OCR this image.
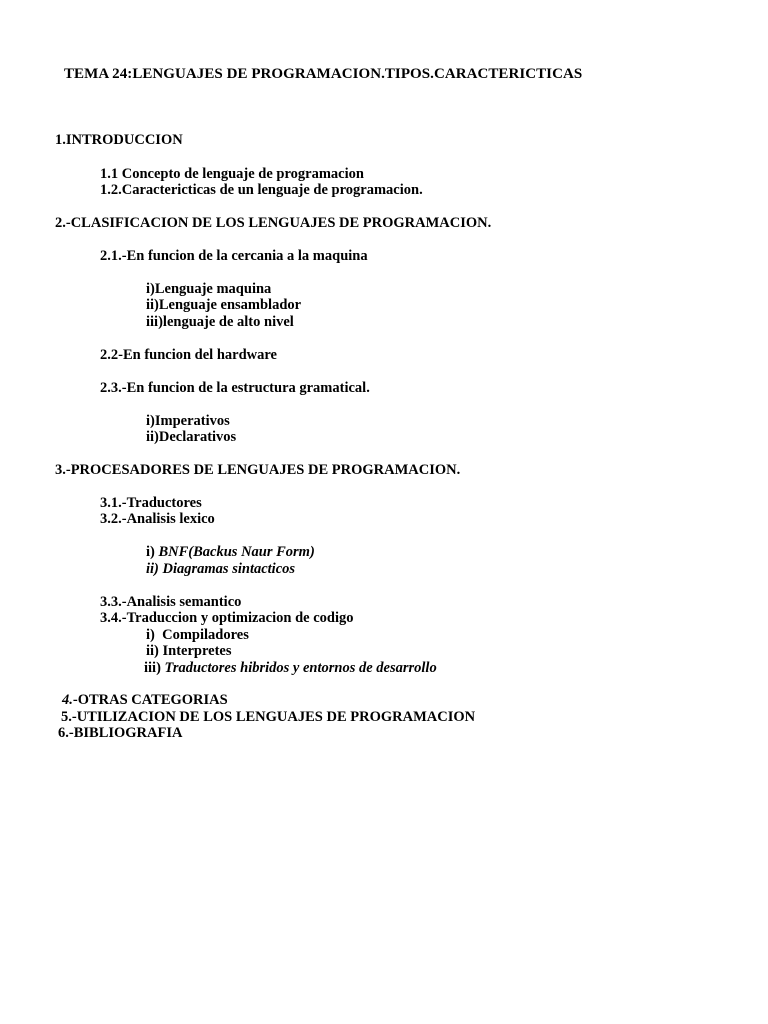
TEMA 24:LENGUAJES DE PROGRAMACION.TIPOS.CARACTERICTICAS
1.INTRODUCCION
1.1 Concepto de lenguaje de programacion
1.2.Caractericticas de un lenguaje de programacion.
2.-CLASIFICACION DE LOS LENGUAJES DE PROGRAMACION.
2.1.-En funcion de la cercania a la maquina
i)Lenguaje maquina
ii)Lenguaje ensamblador
iii)lenguaje de alto nivel
2.2-En funcion del hardware
2.3.-En funcion de la estructura gramatical.
i)Imperativos
ii)Declarativos
3.-PROCESADORES DE LENGUAJES DE PROGRAMACION.
3.1.-Traductores
3.2.-Analisis lexico
i) BNF(Backus Naur Form)
ii) Diagramas sintacticos
3.3.-Analisis semantico
3.4.-Traduccion y optimizacion de codigo
i)  Compiladores
ii) Interpretes
iii) Traductores hibridos y entornos de desarrollo
4.-OTRAS CATEGORIAS
5.-UTILIZACION DE LOS LENGUAJES DE PROGRAMACION
6.-BIBLIOGRAFIA
